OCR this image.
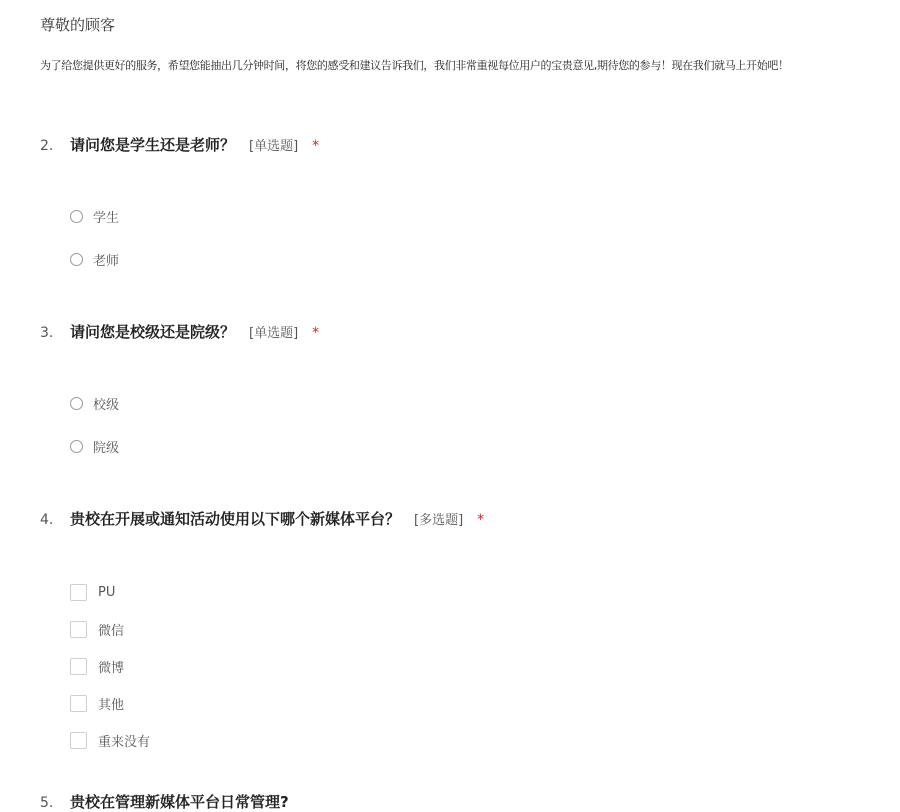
尊敬的顾客
为了给您提供更好的服务，希望您能抽出几分钟时间，将您的感受和建议告诉我们，我们非常重视每位用户的宝贵意见,期待您的参与！现在我们就马上开始吧！
2.	请问您是学生还是老师？ [单选题] *
学生
老师
3.	请问您是校级还是院级？ [单选题] *
校级
院级
4.	贵校在开展或通知活动使用以下哪个新媒体平台？ [多选题] *
PU
微信
微博
其他
重来没有
5.	贵校在管理新媒体平台日常管理?
